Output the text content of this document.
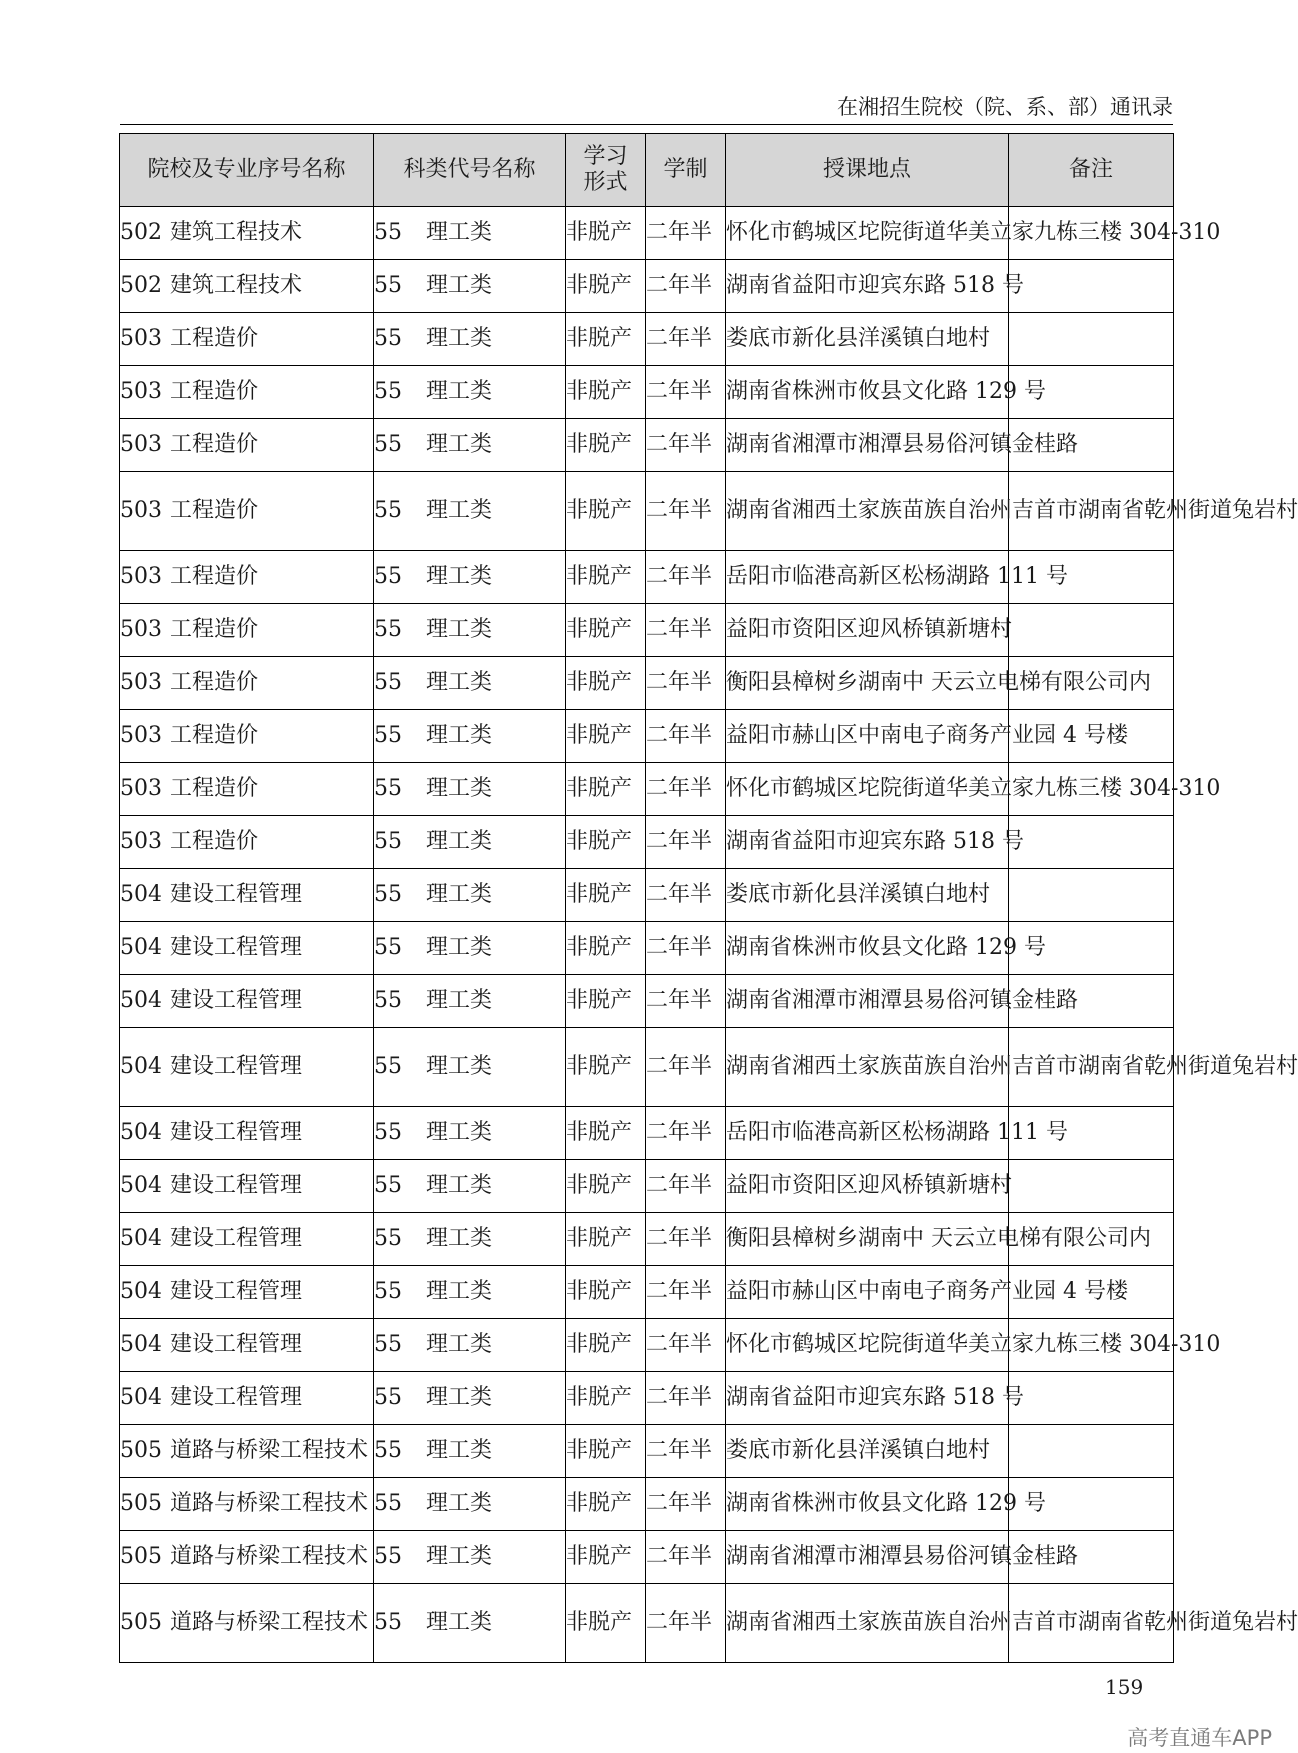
在湘招生院校（院、系、部）通讯录
院校及专业序号名称	科类代号名称	学习
形式	学制	授课地点	备注
502 建筑工程技术	55 理工类	非脱产	二年半	怀化市鹤城区坨院街道华美立家九栋三楼 304-310	
502 建筑工程技术	55 理工类	非脱产	二年半	湖南省益阳市迎宾东路 518 号	
503 工程造价	55 理工类	非脱产	二年半	娄底市新化县洋溪镇白地村	
503 工程造价	55 理工类	非脱产	二年半	湖南省株洲市攸县文化路 129 号	
503 工程造价	55 理工类	非脱产	二年半	湖南省湘潭市湘潭县易俗河镇金桂路	
503 工程造价	55 理工类	非脱产	二年半	湖南省湘西土家族苗族自治州吉首市湖南省乾州街道兔岩村	
503 工程造价	55 理工类	非脱产	二年半	岳阳市临港高新区松杨湖路 111 号	
503 工程造价	55 理工类	非脱产	二年半	益阳市资阳区迎风桥镇新塘村	
503 工程造价	55 理工类	非脱产	二年半	衡阳县樟树乡湖南中 天云立电梯有限公司内	
503 工程造价	55 理工类	非脱产	二年半	益阳市赫山区中南电子商务产业园 4 号楼	
503 工程造价	55 理工类	非脱产	二年半	怀化市鹤城区坨院街道华美立家九栋三楼 304-310	
503 工程造价	55 理工类	非脱产	二年半	湖南省益阳市迎宾东路 518 号	
504 建设工程管理	55 理工类	非脱产	二年半	娄底市新化县洋溪镇白地村	
504 建设工程管理	55 理工类	非脱产	二年半	湖南省株洲市攸县文化路 129 号	
504 建设工程管理	55 理工类	非脱产	二年半	湖南省湘潭市湘潭县易俗河镇金桂路	
504 建设工程管理	55 理工类	非脱产	二年半	湖南省湘西土家族苗族自治州吉首市湖南省乾州街道兔岩村	
504 建设工程管理	55 理工类	非脱产	二年半	岳阳市临港高新区松杨湖路 111 号	
504 建设工程管理	55 理工类	非脱产	二年半	益阳市资阳区迎风桥镇新塘村	
504 建设工程管理	55 理工类	非脱产	二年半	衡阳县樟树乡湖南中 天云立电梯有限公司内	
504 建设工程管理	55 理工类	非脱产	二年半	益阳市赫山区中南电子商务产业园 4 号楼	
504 建设工程管理	55 理工类	非脱产	二年半	怀化市鹤城区坨院街道华美立家九栋三楼 304-310	
504 建设工程管理	55 理工类	非脱产	二年半	湖南省益阳市迎宾东路 518 号	
505 道路与桥梁工程技术	55 理工类	非脱产	二年半	娄底市新化县洋溪镇白地村	
505 道路与桥梁工程技术	55 理工类	非脱产	二年半	湖南省株洲市攸县文化路 129 号	
505 道路与桥梁工程技术	55 理工类	非脱产	二年半	湖南省湘潭市湘潭县易俗河镇金桂路	
505 道路与桥梁工程技术	55 理工类	非脱产	二年半	湖南省湘西土家族苗族自治州吉首市湖南省乾州街道兔岩村	
159
高考直通车APP
